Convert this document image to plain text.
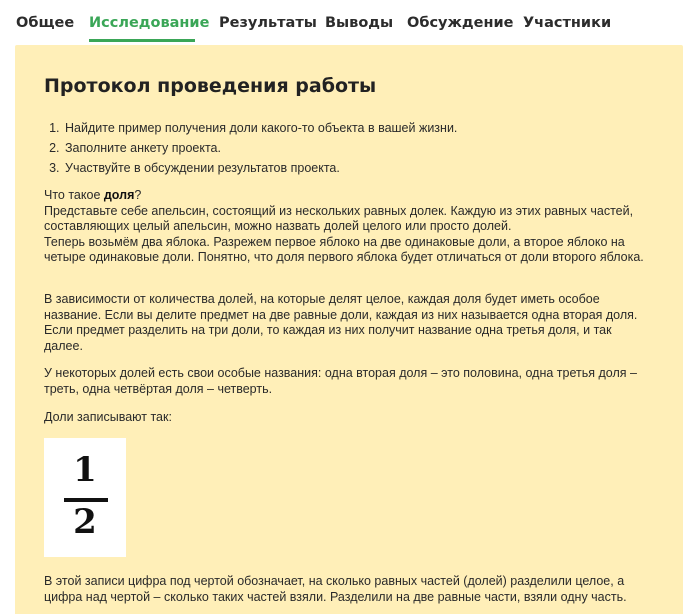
Общее Исследование Результаты Выводы Обсуждение Участники
Протокол проведения работы
1. Найдите пример получения доли какого-то объекта в вашей жизни.
2. Заполните анкету проекта.
3. Участвуйте в обсуждении результатов проекта.
Что такое доля?
Представьте себе апельсин, состоящий из нескольких равных долек. Каждую из этих равных частей, составляющих целый апельсин, можно назвать долей целого или просто долей.
Теперь возьмём два яблока. Разрежем первое яблоко на две одинаковые доли, а второе яблоко на четыре одинаковые доли. Понятно, что доля первого яблока будет отличаться от доли второго яблока.

В зависимости от количества долей, на которые делят целое, каждая доля будет иметь особое название. Если вы делите предмет на две равные доли, каждая из них называется одна вторая доля. Если предмет разделить на три доли, то каждая из них получит название одна третья доля, и так далее.

У некоторых долей есть свои особые названия: одна вторая доля – это половина, одна третья доля – треть, одна четвёртая доля – четверть.

Доли записывают так:

1
2

В этой записи цифра под чертой обозначает, на сколько равных частей (долей) разделили целое, а цифра над чертой – сколько таких частей взяли. Разделили на две равные части, взяли одну часть.
